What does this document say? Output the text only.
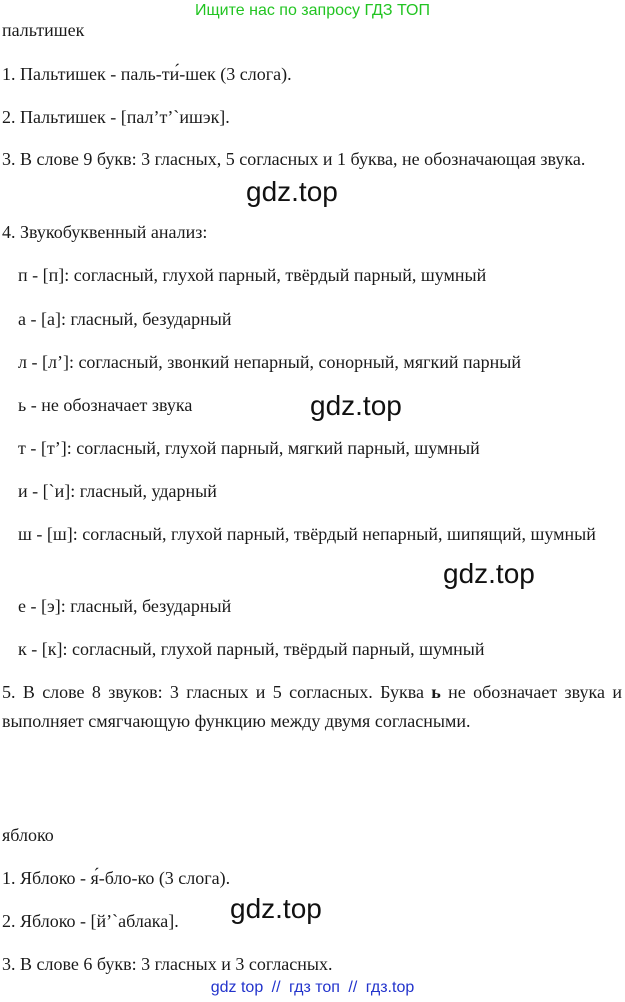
Ищите нас по запросу ГДЗ ТОП
пальтишек
1. Пальтишек - паль-ти́-шек (3 слога).
2. Пальтишек - [пал’т’`ишэк].
3. В слове 9 букв: 3 гласных, 5 согласных и 1 буква, не обозначающая звука.
4. Звукобуквенный анализ:
п - [п]: согласный, глухой парный, твёрдый парный, шумный
а - [а]: гласный, безударный
л - [л’]: согласный, звонкий непарный, сонорный, мягкий парный
ь - не обозначает звука
т - [т’]: согласный, глухой парный, мягкий парный, шумный
и - [`и]: гласный, ударный
ш - [ш]: согласный, глухой парный, твёрдый непарный, шипящий, шумный
е - [э]: гласный, безударный
к - [к]: согласный, глухой парный, твёрдый парный, шумный
5. В слове 8 звуков: 3 гласных и 5 согласных. Буква ь не обозначает звука и выполняет смягчающую функцию между двумя согласными.
яблоко
1. Яблоко - я́-бло-ко (3 слога).
2. Яблоко - [й’`аблака].
3. В слове 6 букв: 3 гласных и 3 согласных.
gdz.top
gdz.top
gdz.top
gdz.top
gdz top // гдз топ // гдз.top
